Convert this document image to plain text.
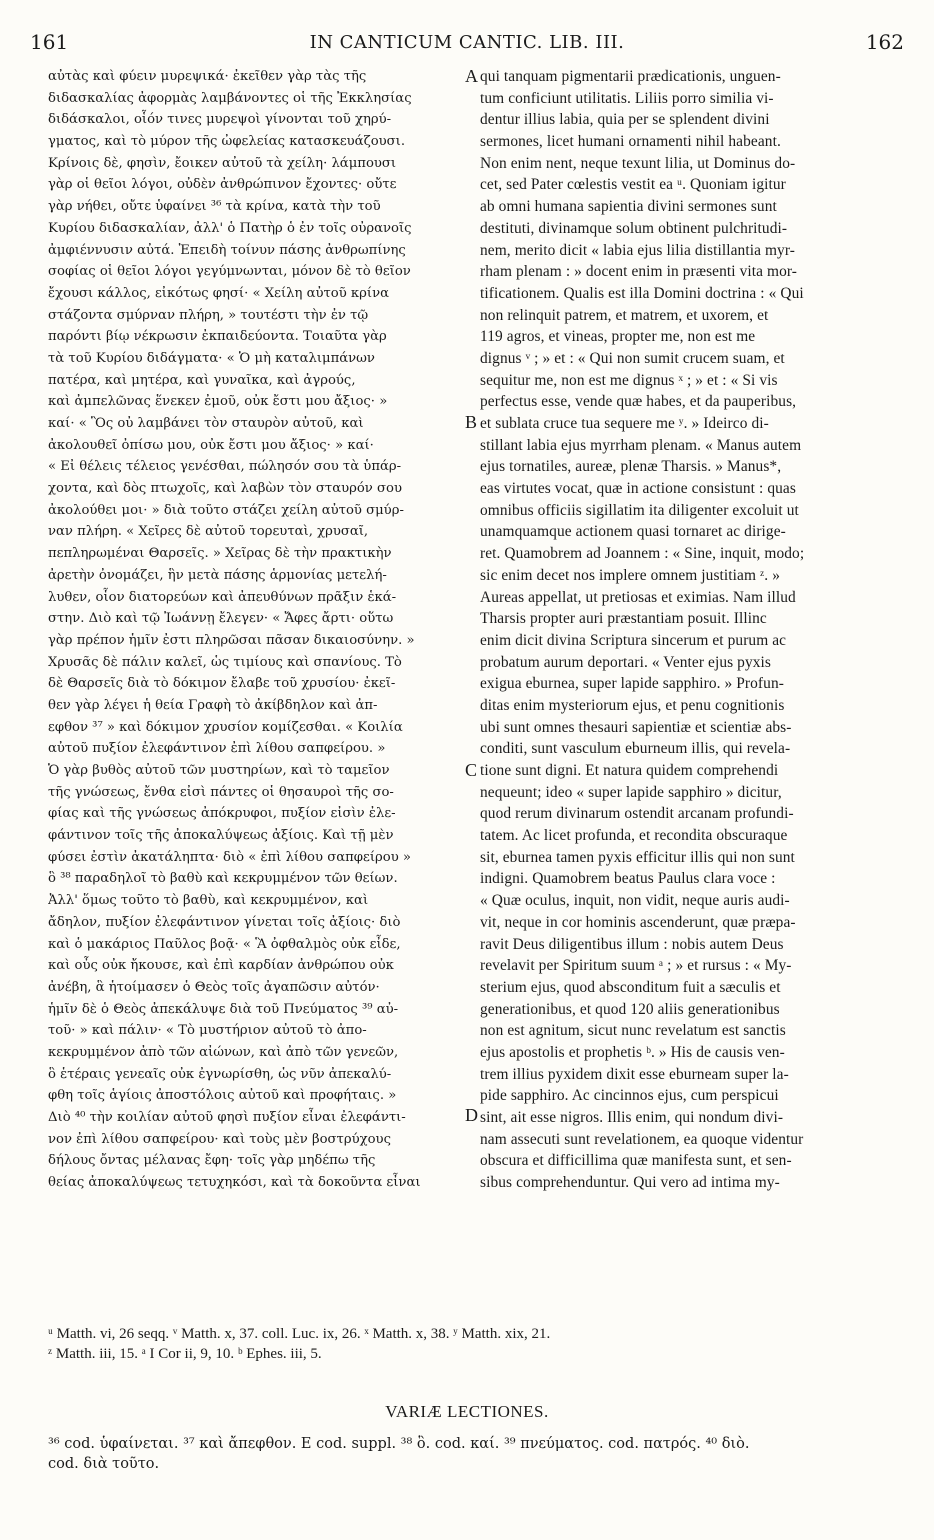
161	IN CANTICUM CANTIC. LIB. III.	162
αὐτὰς καὶ φύειν μυρεψικά· ἐκεῖθεν γὰρ τὰς τῆς
διδασκαλίας ἀφορμὰς λαμβάνοντες οἱ τῆς Ἐκκλησίας
διδάσκαλοι, οἷόν τινες μυρεψοὶ γίνονται τοῦ χηρύ-
γματος, καὶ τὸ μύρον τῆς ὠφελείας κατασκευάζουσι.
Κρίνοις δὲ, φησὶν, ἔοικεν αὐτοῦ τὰ χείλη· λάμπουσι
γὰρ οἱ θεῖοι λόγοι, οὐδὲν ἀνθρώπινον ἔχοντες· οὔτε
γὰρ νήθει, οὔτε ὑφαίνει ³⁶ τὰ κρίνα, κατὰ τὴν τοῦ
Κυρίου διδασκαλίαν, ἀλλ' ὁ Πατὴρ ὁ ἐν τοῖς οὐρανοῖς
ἀμφιέννυσιν αὐτά. Ἐπειδὴ τοίνυν πάσης ἀνθρωπίνης
σοφίας οἱ θεῖοι λόγοι γεγύμνωνται, μόνον δὲ τὸ θεῖον
ἔχουσι κάλλος, εἰκότως φησί· « Χείλη αὐτοῦ κρίνα
στάζοντα σμύρναν πλήρη, » τουτέστι τὴν ἐν τῷ
παρόντι βίῳ νέκρωσιν ἐκπαιδεύοντα. Τοιαῦτα γὰρ
τὰ τοῦ Κυρίου διδάγματα· « Ὁ μὴ καταλιμπάνων
πατέρα, καὶ μητέρα, καὶ γυναῖκα, καὶ ἀγρούς,
καὶ ἀμπελῶνας ἕνεκεν ἐμοῦ, οὐκ ἔστι μου ἄξιος· »
καί· « Ὃς οὐ λαμβάνει τὸν σταυρὸν αὐτοῦ, καὶ
ἀκολουθεῖ ὀπίσω μου, οὐκ ἔστι μου ἄξιος· » καί·
« Εἰ θέλεις τέλειος γενέσθαι, πώλησόν σου τὰ ὑπάρ-
χοντα, καὶ δὸς πτωχοῖς, καὶ λαβὼν τὸν σταυρόν σου
ἀκολούθει μοι· » διὰ τοῦτο στάζει χείλη αὐτοῦ σμύρ-
ναν πλήρη. « Χεῖρες δὲ αὐτοῦ τορευταὶ, χρυσαῖ,
πεπληρωμέναι Θαρσεῖς. » Χεῖρας δὲ τὴν πρακτικὴν
ἀρετὴν ὀνομάζει, ἣν μετὰ πάσης ἁρμονίας μετελή-
λυθεν, οἷον διατορεύων καὶ ἀπευθύνων πρᾶξιν ἑκά-
στην. Διὸ καὶ τῷ Ἰωάννῃ ἔλεγεν· « Ἄφες ἄρτι· οὕτω
γὰρ πρέπον ἡμῖν ἐστι πληρῶσαι πᾶσαν δικαιοσύνην. »
Χρυσᾶς δὲ πάλιν καλεῖ, ὡς τιμίους καὶ σπανίους. Τὸ
δὲ Θαρσεῖς διὰ τὸ δόκιμον ἔλαβε τοῦ χρυσίου· ἐκεῖ-
θεν γὰρ λέγει ἡ θεία Γραφὴ τὸ ἀκίβδηλον καὶ ἀπ-
εφθον ³⁷ » καὶ δόκιμον χρυσίον κομίζεσθαι. « Κοιλία
αὐτοῦ πυξίον ἐλεφάντινον ἐπὶ λίθου σαπφείρου. »
Ὁ γὰρ βυθὸς αὐτοῦ τῶν μυστηρίων, καὶ τὸ ταμεῖον
τῆς γνώσεως, ἔνθα εἰσὶ πάντες οἱ θησαυροὶ τῆς σο-
φίας καὶ τῆς γνώσεως ἀπόκρυφοι, πυξίον εἰσὶν ἐλε-
φάντινον τοῖς τῆς ἀποκαλύψεως ἀξίοις. Καὶ τῇ μὲν
φύσει ἐστὶν ἀκατάληπτα· διὸ « ἐπὶ λίθου σαπφείρου »
ὃ ³⁸ παραδηλοῖ τὸ βαθὺ καὶ κεκρυμμένον τῶν θείων.
Ἀλλ' ὅμως τοῦτο τὸ βαθὺ, καὶ κεκρυμμένον, καὶ
ἄδηλον, πυξίον ἐλεφάντινον γίνεται τοῖς ἀξίοις· διὸ
καὶ ὁ μακάριος Παῦλος βοᾷ· « Ἃ ὀφθαλμὸς οὐκ εἶδε,
καὶ οὖς οὐκ ἤκουσε, καὶ ἐπὶ καρδίαν ἀνθρώπου οὐκ
ἀνέβη, ἃ ἡτοίμασεν ὁ Θεὸς τοῖς ἀγαπῶσιν αὐτόν·
ἡμῖν δὲ ὁ Θεὸς ἀπεκάλυψε διὰ τοῦ Πνεύματος ³⁹ αὐ-
τοῦ· » καὶ πάλιν· « Τὸ μυστήριον αὐτοῦ τὸ ἀπο-
κεκρυμμένον ἀπὸ τῶν αἰώνων, καὶ ἀπὸ τῶν γενεῶν,
ὃ ἑτέραις γενεαῖς οὐκ ἐγνωρίσθη, ὡς νῦν ἀπεκαλύ-
φθη τοῖς ἁγίοις ἀποστόλοις αὐτοῦ καὶ προφήταις. »
Διὸ ⁴⁰ τὴν κοιλίαν αὐτοῦ φησὶ πυξίον εἶναι ἐλεφάντι-
νον ἐπὶ λίθου σαπφείρου· καὶ τοὺς μὲν βοστρύχους
δήλους ὄντας μέλανας ἔφη· τοῖς γὰρ μηδέπω τῆς
θείας ἀποκαλύψεως τετυχηκόσι, καὶ τὰ δοκοῦντα εἶναι
qui tanquam pigmentarii prædicationis, unguen-
tum conficiunt utilitatis. Liliis porro similia vi-
dentur illius labia, quia per se splendent divini
sermones, licet humani ornamenti nihil habeant.
Non enim nent, neque texunt lilia, ut Dominus do-
cet, sed Pater cœlestis vestit ea ᵘ. Quoniam igitur
ab omni humana sapientia divini sermones sunt
destituti, divinamque solum obtinent pulchritudi-
nem, merito dicit « labia ejus lilia distillantia myr-
rham plenam : » docent enim in præsenti vita mor-
tificationem. Qualis est illa Domini doctrina : « Qui
non relinquit patrem, et matrem, et uxorem, et
119 agros, et vineas, propter me, non est me
dignus ᵛ ; » et : « Qui non sumit crucem suam, et
sequitur me, non est me dignus ˣ ; » et : « Si vis
perfectus esse, vende quæ habes, et da pauperibus,
et sublata cruce tua sequere me ʸ. » Ideirco di-
stillant labia ejus myrrham plenam. « Manus autem
ejus tornatiles, aureæ, plenæ Tharsis. » Manus*,
eas virtutes vocat, quæ in actione consistunt : quas
omnibus officiis sigillatim ita diligenter excoluit ut
unamquamque actionem quasi tornaret ac dirige-
ret. Quamobrem ad Joannem : « Sine, inquit, modo;
sic enim decet nos implere omnem justitiam ᶻ. »
Aureas appellat, ut pretiosas et eximias. Nam illud
Tharsis propter auri præstantiam posuit. Illinc
enim dicit divina Scriptura sincerum et purum ac
probatum aurum deportari. « Venter ejus pyxis
exigua eburnea, super lapide sapphiro. » Profun-
ditas enim mysteriorum ejus, et penu cognitionis
ubi sunt omnes thesauri sapientiæ et scientiæ abs-
conditi, sunt vasculum eburneum illis, qui revela-
tione sunt digni. Et natura quidem comprehendi
nequeunt; ideo « super lapide sapphiro » dicitur,
quod rerum divinarum ostendit arcanam profundi-
tatem. Ac licet profunda, et recondita obscuraque
sit, eburnea tamen pyxis efficitur illis qui non sunt
indigni. Quamobrem beatus Paulus clara voce :
« Quæ oculus, inquit, non vidit, neque auris audi-
vit, neque in cor hominis ascenderunt, quæ præpa-
ravit Deus diligentibus illum : nobis autem Deus
revelavit per Spiritum suum ᵃ ; » et rursus : « My-
sterium ejus, quod absconditum fuit a sæculis et
generationibus, et quod 120 aliis generationibus
non est agnitum, sicut nunc revelatum est sanctis
ejus apostolis et prophetis ᵇ. » His de causis ven-
trem illius pyxidem dixit esse eburneam super la-
pide sapphiro. Ac cincinnos ejus, cum perspicui
sint, ait esse nigros. Illis enim, qui nondum divi-
nam assecuti sunt revelationem, ea quoque videntur
obscura et difficillima quæ manifesta sunt, et sen-
sibus comprehenduntur. Qui vero ad intima my-
A
B
C
D
ᵘ Matth. vi, 26 seqq. ᵛ Matth. x, 37. coll. Luc. ix, 26. ˣ Matth. x, 38. ʸ Matth. xix, 21.
ᶻ Matth. iii, 15. ᵃ I Cor ii, 9, 10. ᵇ Ephes. iii, 5.
VARIÆ LECTIONES.
³⁶ cod. ὑφαίνεται. ³⁷ καὶ ἄπεφθον. E cod. suppl. ³⁸ ὃ. cod. καί. ³⁹ πνεύματος. cod. πατρός. ⁴⁰ διὸ.
cod. διὰ τοῦτο.
